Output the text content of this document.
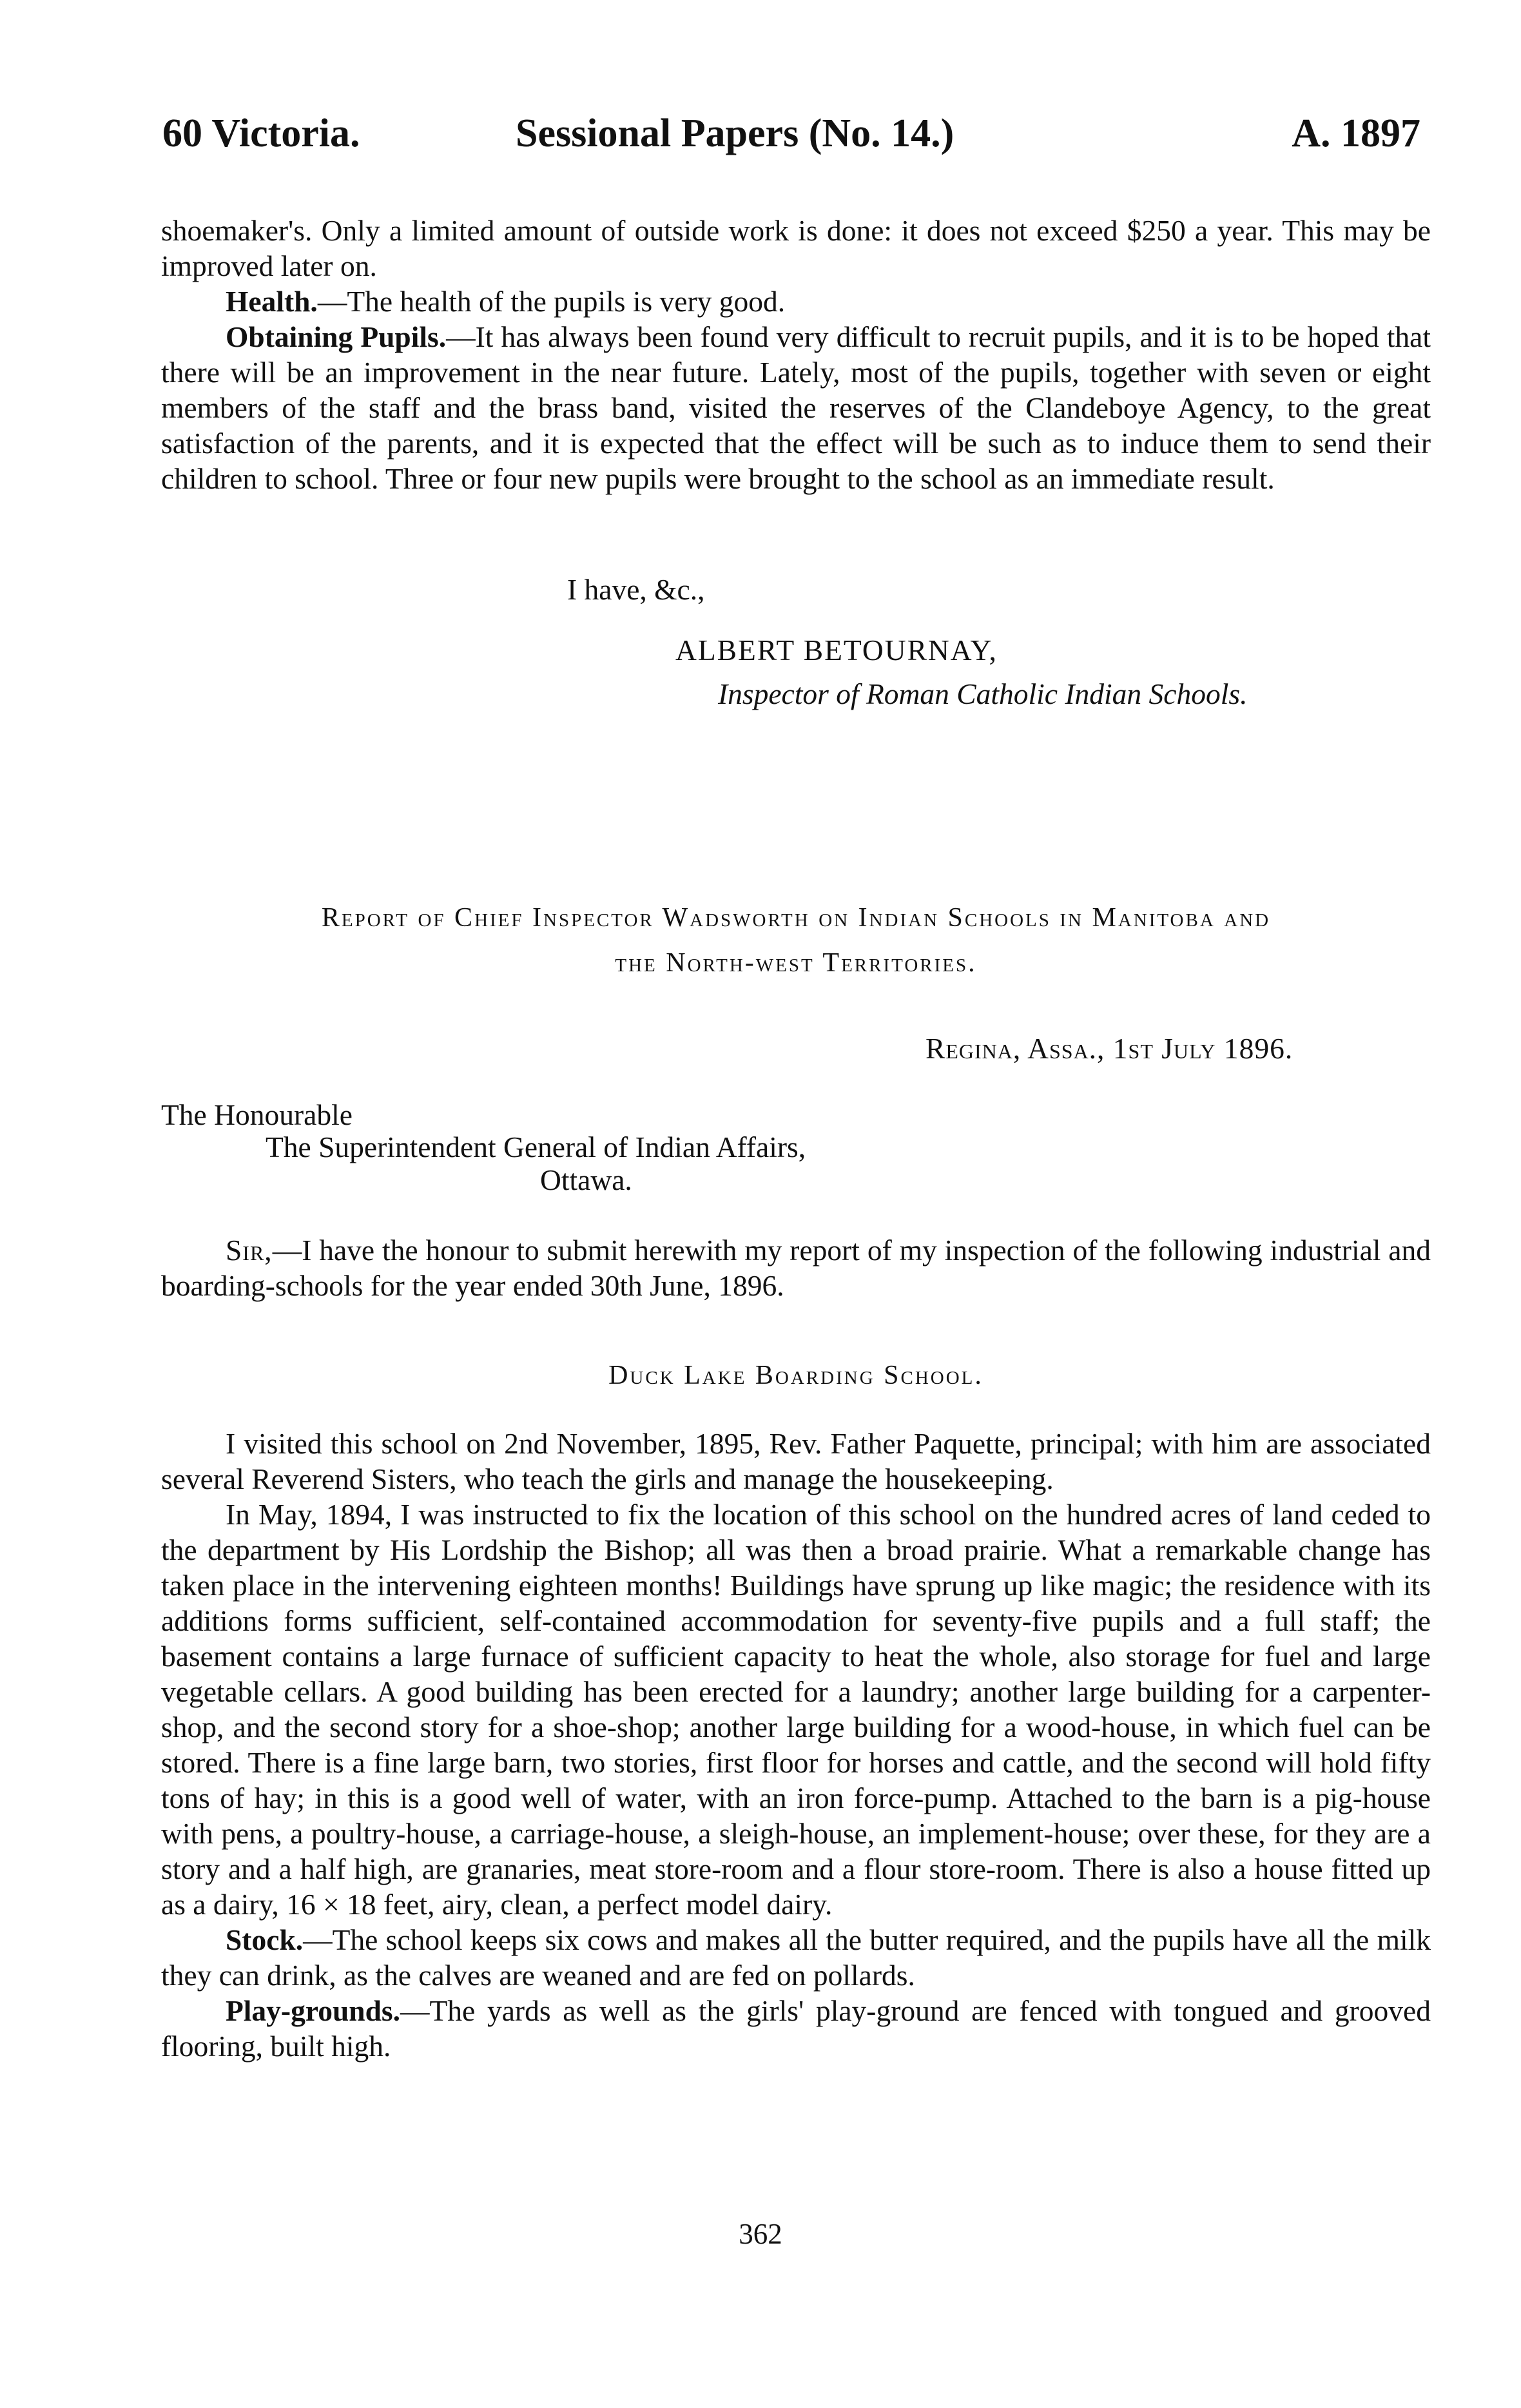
60 Victoria.	Sessional Papers (No. 14.)	A. 1897

shoemaker's. Only a limited amount of outside work is done: it does not exceed $250 a year. This may be improved later on.

Health.—The health of the pupils is very good.

Obtaining Pupils.—It has always been found very difficult to recruit pupils, and it is to be hoped that there will be an improvement in the near future. Lately, most of the pupils, together with seven or eight members of the staff and the brass band, visited the reserves of the Clandeboye Agency, to the great satisfaction of the parents, and it is expected that the effect will be such as to induce them to send their children to school. Three or four new pupils were brought to the school as an immediate result.

I have, &c.,
ALBERT BETOURNAY,
Inspector of Roman Catholic Indian Schools.
Report of Chief Inspector Wadsworth on Indian Schools in Manitoba and
the North-west Territories.
Regina, Assa., 1st July 1896.
The Honourable
The Superintendent General of Indian Affairs,
Ottawa.

Sir,—I have the honour to submit herewith my report of my inspection of the following industrial and boarding-schools for the year ended 30th June, 1896.

Duck Lake Boarding School.

I visited this school on 2nd November, 1895, Rev. Father Paquette, principal; with him are associated several Reverend Sisters, who teach the girls and manage the housekeeping.

In May, 1894, I was instructed to fix the location of this school on the hundred acres of land ceded to the department by His Lordship the Bishop; all was then a broad prairie. What a remarkable change has taken place in the intervening eighteen months! Buildings have sprung up like magic; the residence with its additions forms sufficient, self-contained accommodation for seventy-five pupils and a full staff; the basement contains a large furnace of sufficient capacity to heat the whole, also storage for fuel and large vegetable cellars. A good building has been erected for a laundry; another large building for a carpenter-shop, and the second story for a shoe-shop; another large building for a wood-house, in which fuel can be stored. There is a fine large barn, two stories, first floor for horses and cattle, and the second will hold fifty tons of hay; in this is a good well of water, with an iron force-pump. Attached to the barn is a pig-house with pens, a poultry-house, a carriage-house, a sleigh-house, an implement-house; over these, for they are a story and a half high, are granaries, meat store-room and a flour store-room. There is also a house fitted up as a dairy, 16 × 18 feet, airy, clean, a perfect model dairy.

Stock.—The school keeps six cows and makes all the butter required, and the pupils have all the milk they can drink, as the calves are weaned and are fed on pollards.

Play-grounds.—The yards as well as the girls' play-ground are fenced with tongued and grooved flooring, built high.

362
